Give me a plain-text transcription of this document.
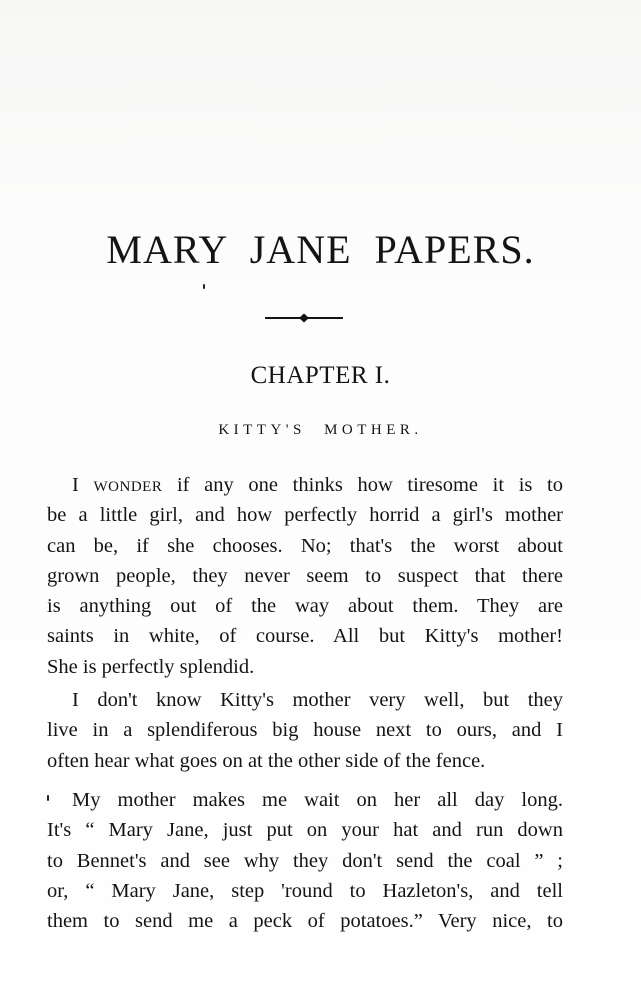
MARY JANE PAPERS.
CHAPTER I.
KITTY'S MOTHER.
I WONDER if any one thinks how tiresome it is to
be a little girl, and how perfectly horrid a girl's mother
can be, if she chooses. No; that's the worst about
grown people, they never seem to suspect that there
is anything out of the way about them. They are
saints in white, of course. All but Kitty's mother!
She is perfectly splendid.
I don't know Kitty's mother very well, but they
live in a splendiferous big house next to ours, and I
often hear what goes on at the other side of the fence.
My mother makes me wait on her all day long.
It's “ Mary Jane, just put on your hat and run down
to Bennet's and see why they don't send the coal ” ;
or, “ Mary Jane, step 'round to Hazleton's, and tell
them to send me a peck of potatoes.” Very nice, to
